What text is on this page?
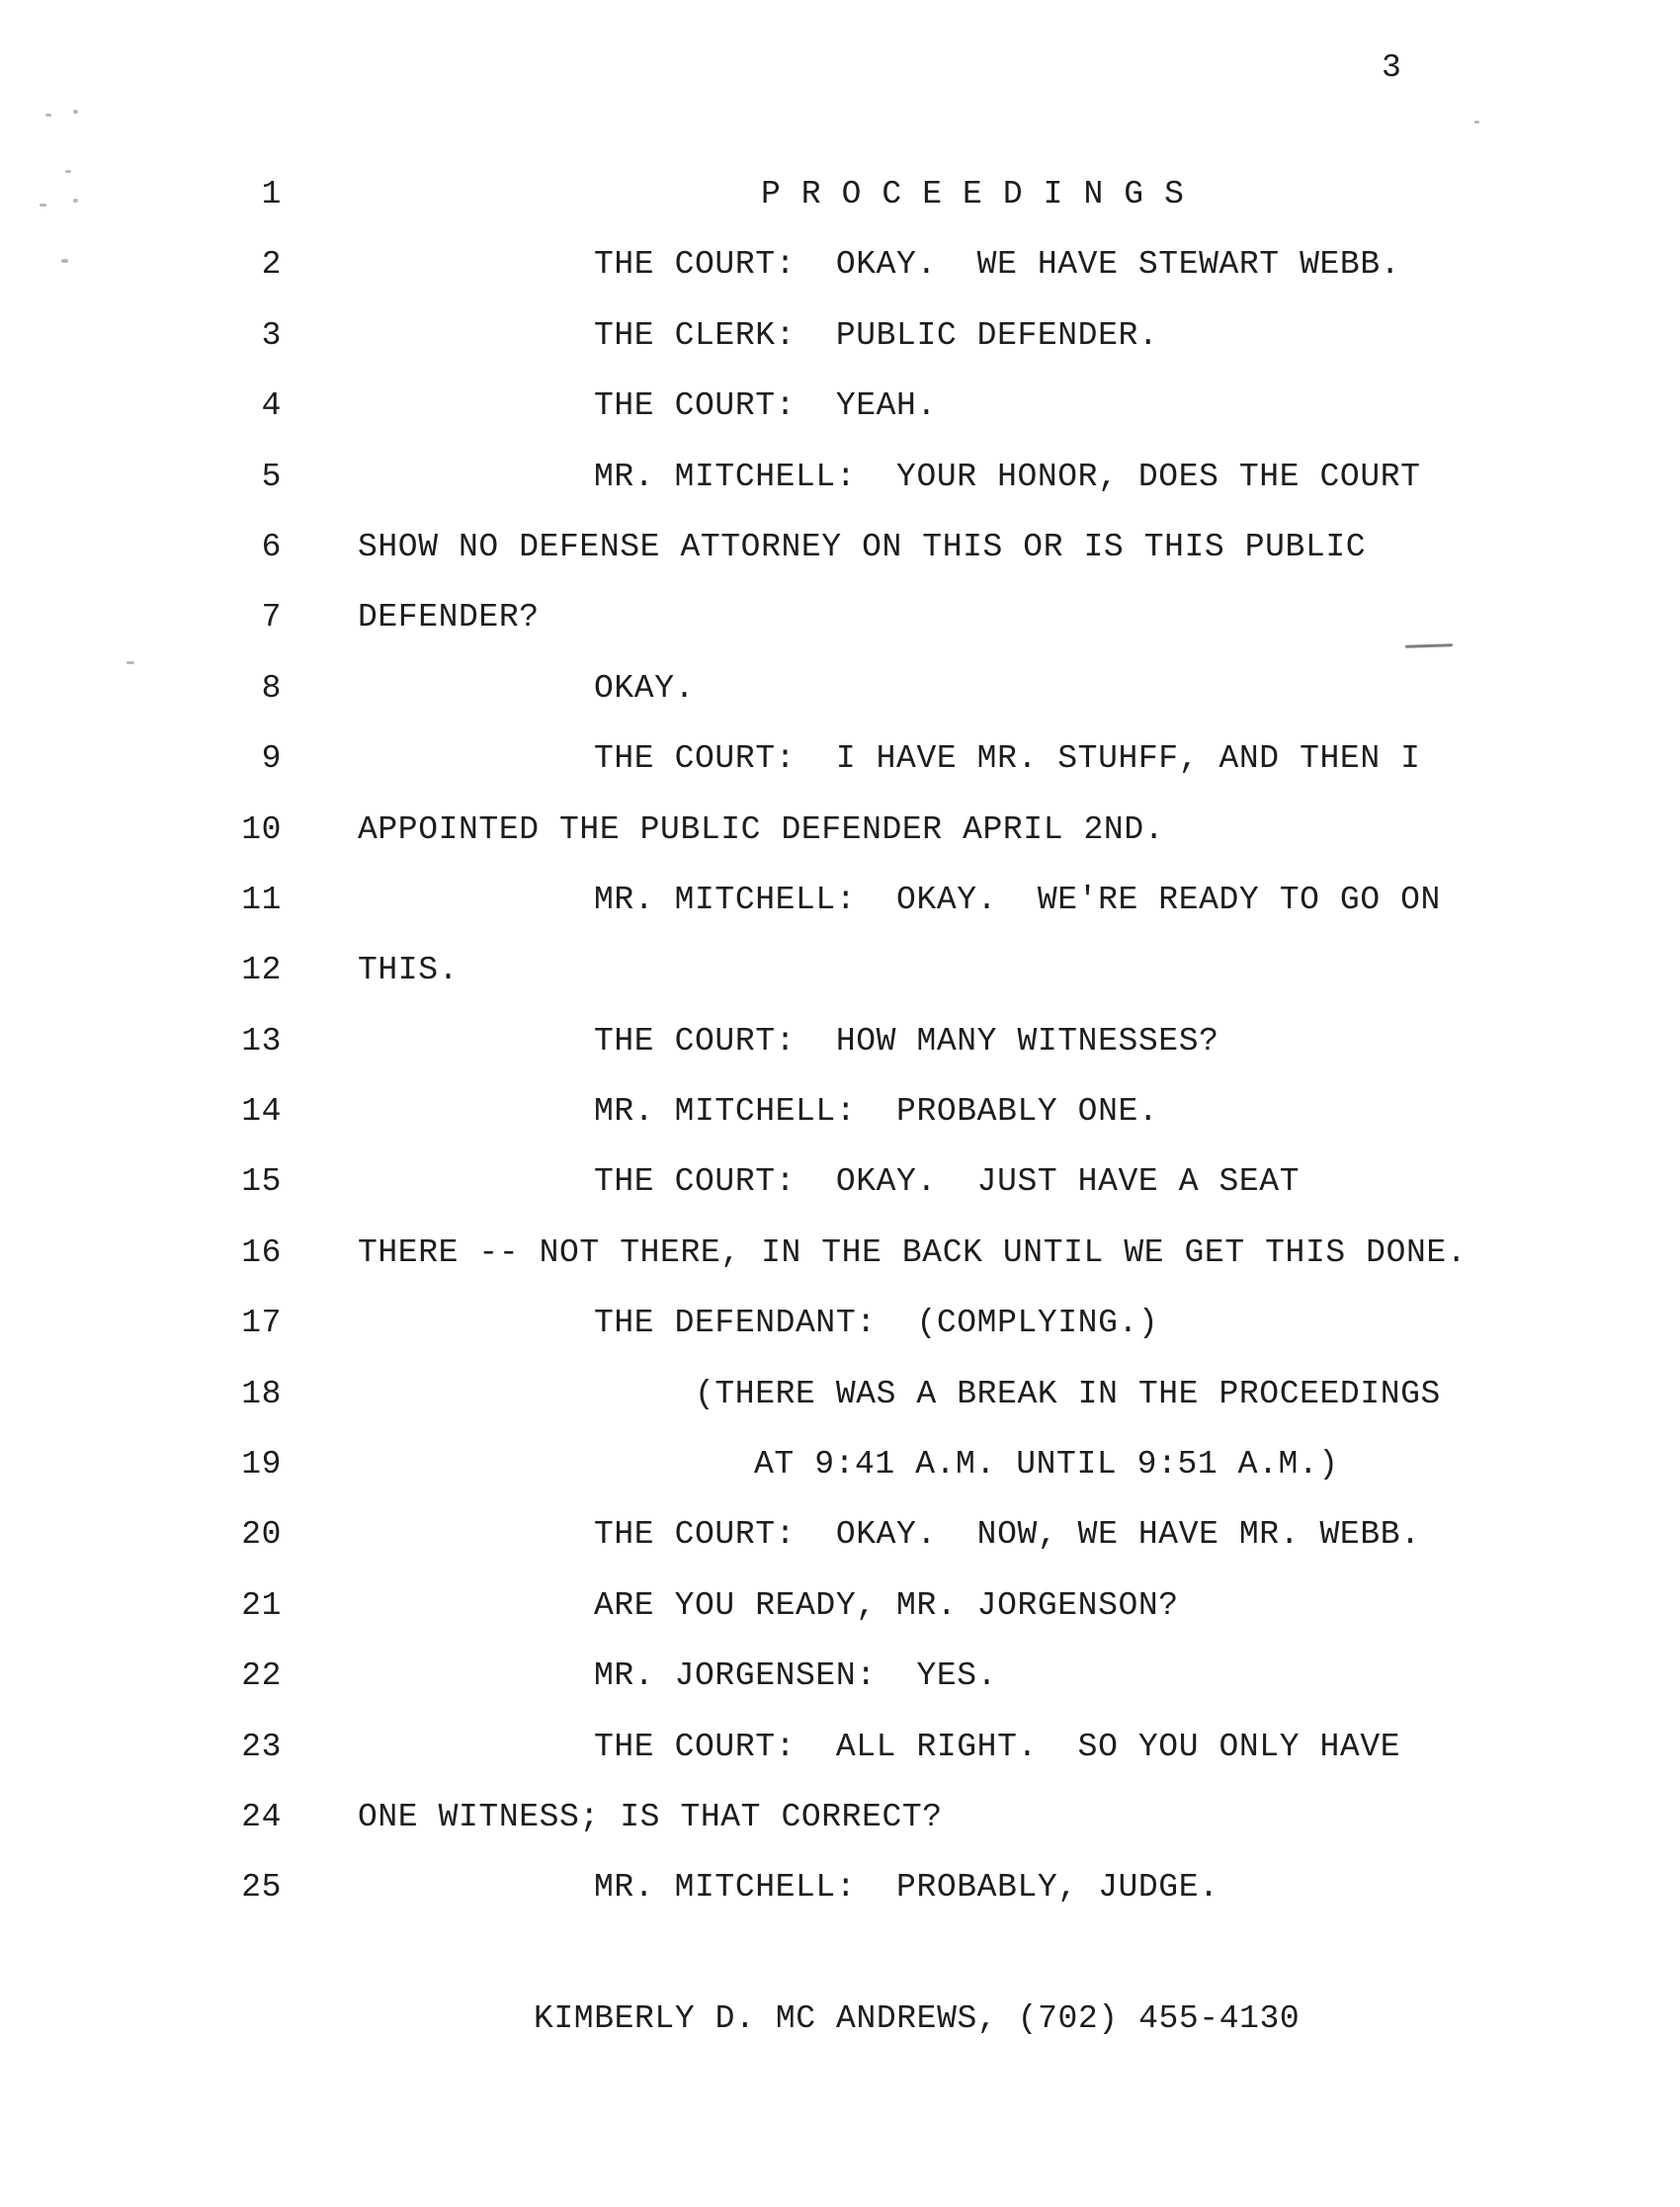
3
1	P R O C E E D I N G S
2	THE COURT:  OKAY.  WE HAVE STEWART WEBB.
3	THE CLERK:  PUBLIC DEFENDER.
4	THE COURT:  YEAH.
5	MR. MITCHELL:  YOUR HONOR, DOES THE COURT
6 SHOW NO DEFENSE ATTORNEY ON THIS OR IS THIS PUBLIC
7 DEFENDER?
8	OKAY.
9	THE COURT:  I HAVE MR. STUHFF, AND THEN I
10 APPOINTED THE PUBLIC DEFENDER APRIL 2ND.
11	MR. MITCHELL:  OKAY.  WE'RE READY TO GO ON
12 THIS.
13	THE COURT:  HOW MANY WITNESSES?
14	MR. MITCHELL:  PROBABLY ONE.
15	THE COURT:  OKAY.  JUST HAVE A SEAT
16 THERE -- NOT THERE, IN THE BACK UNTIL WE GET THIS DONE.
17	THE DEFENDANT:  (COMPLYING.)
18	(THERE WAS A BREAK IN THE PROCEEDINGS
19	AT 9:41 A.M. UNTIL 9:51 A.M.)
20	THE COURT:  OKAY.  NOW, WE HAVE MR. WEBB.
21	ARE YOU READY, MR. JORGENSON?
22	MR. JORGENSEN:  YES.
23	THE COURT:  ALL RIGHT.  SO YOU ONLY HAVE
24 ONE WITNESS; IS THAT CORRECT?
25	MR. MITCHELL:  PROBABLY, JUDGE.
KIMBERLY D. MC ANDREWS, (702) 455-4130
